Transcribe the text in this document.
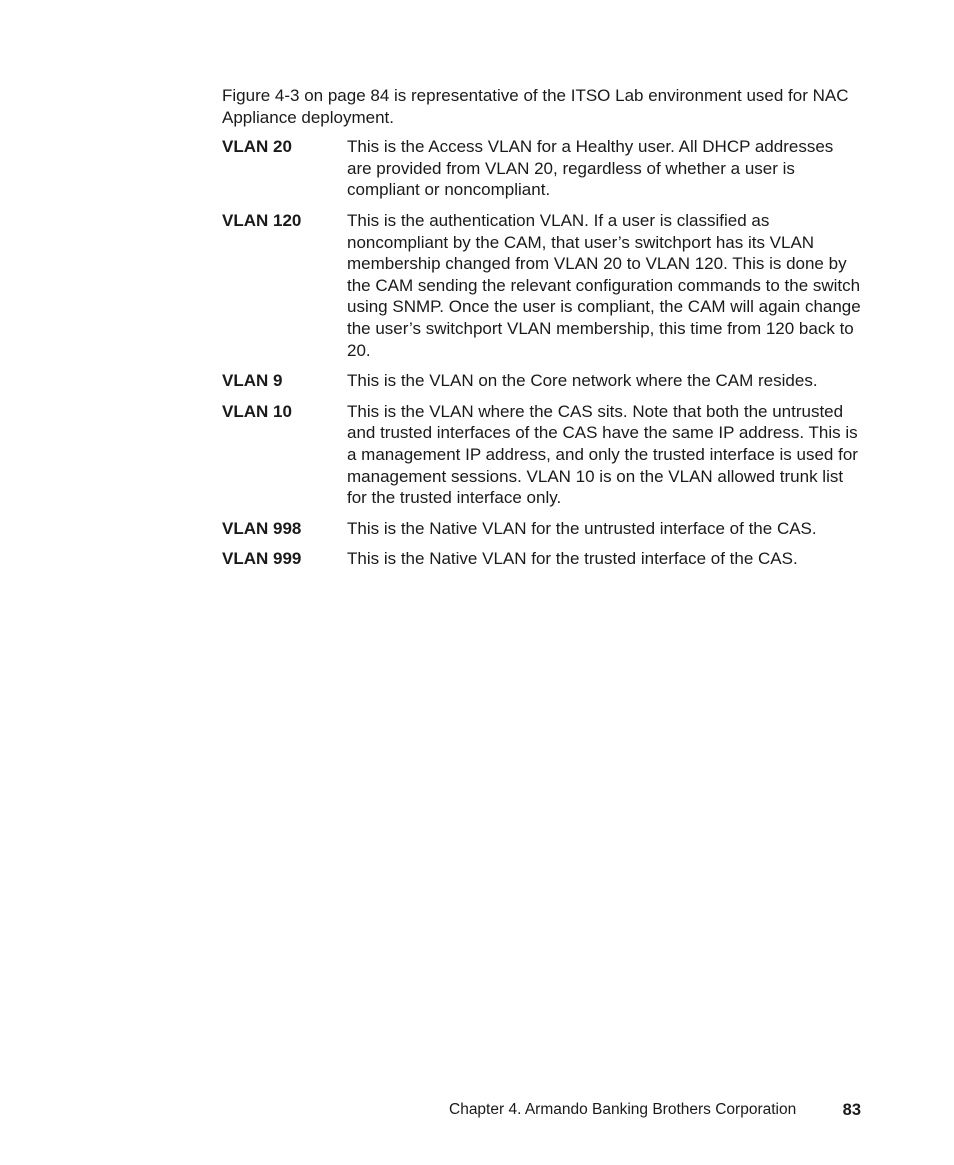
Figure 4-3 on page 84 is representative of the ITSO Lab environment used for NAC Appliance deployment.

VLAN 20	This is the Access VLAN for a Healthy user. All DHCP addresses are provided from VLAN 20, regardless of whether a user is compliant or noncompliant.
VLAN 120	This is the authentication VLAN. If a user is classified as noncompliant by the CAM, that user’s switchport has its VLAN membership changed from VLAN 20 to VLAN 120. This is done by the CAM sending the relevant configuration commands to the switch using SNMP. Once the user is compliant, the CAM will again change the user’s switchport VLAN membership, this time from 120 back to 20.
VLAN 9	This is the VLAN on the Core network where the CAM resides.
VLAN 10	This is the VLAN where the CAS sits. Note that both the untrusted and trusted interfaces of the CAS have the same IP address. This is a management IP address, and only the trusted interface is used for management sessions. VLAN 10 is on the VLAN allowed trunk list for the trusted interface only.
VLAN 998	This is the Native VLAN for the untrusted interface of the CAS.
VLAN 999	This is the Native VLAN for the trusted interface of the CAS.
Chapter 4. Armando Banking Brothers Corporation	83
